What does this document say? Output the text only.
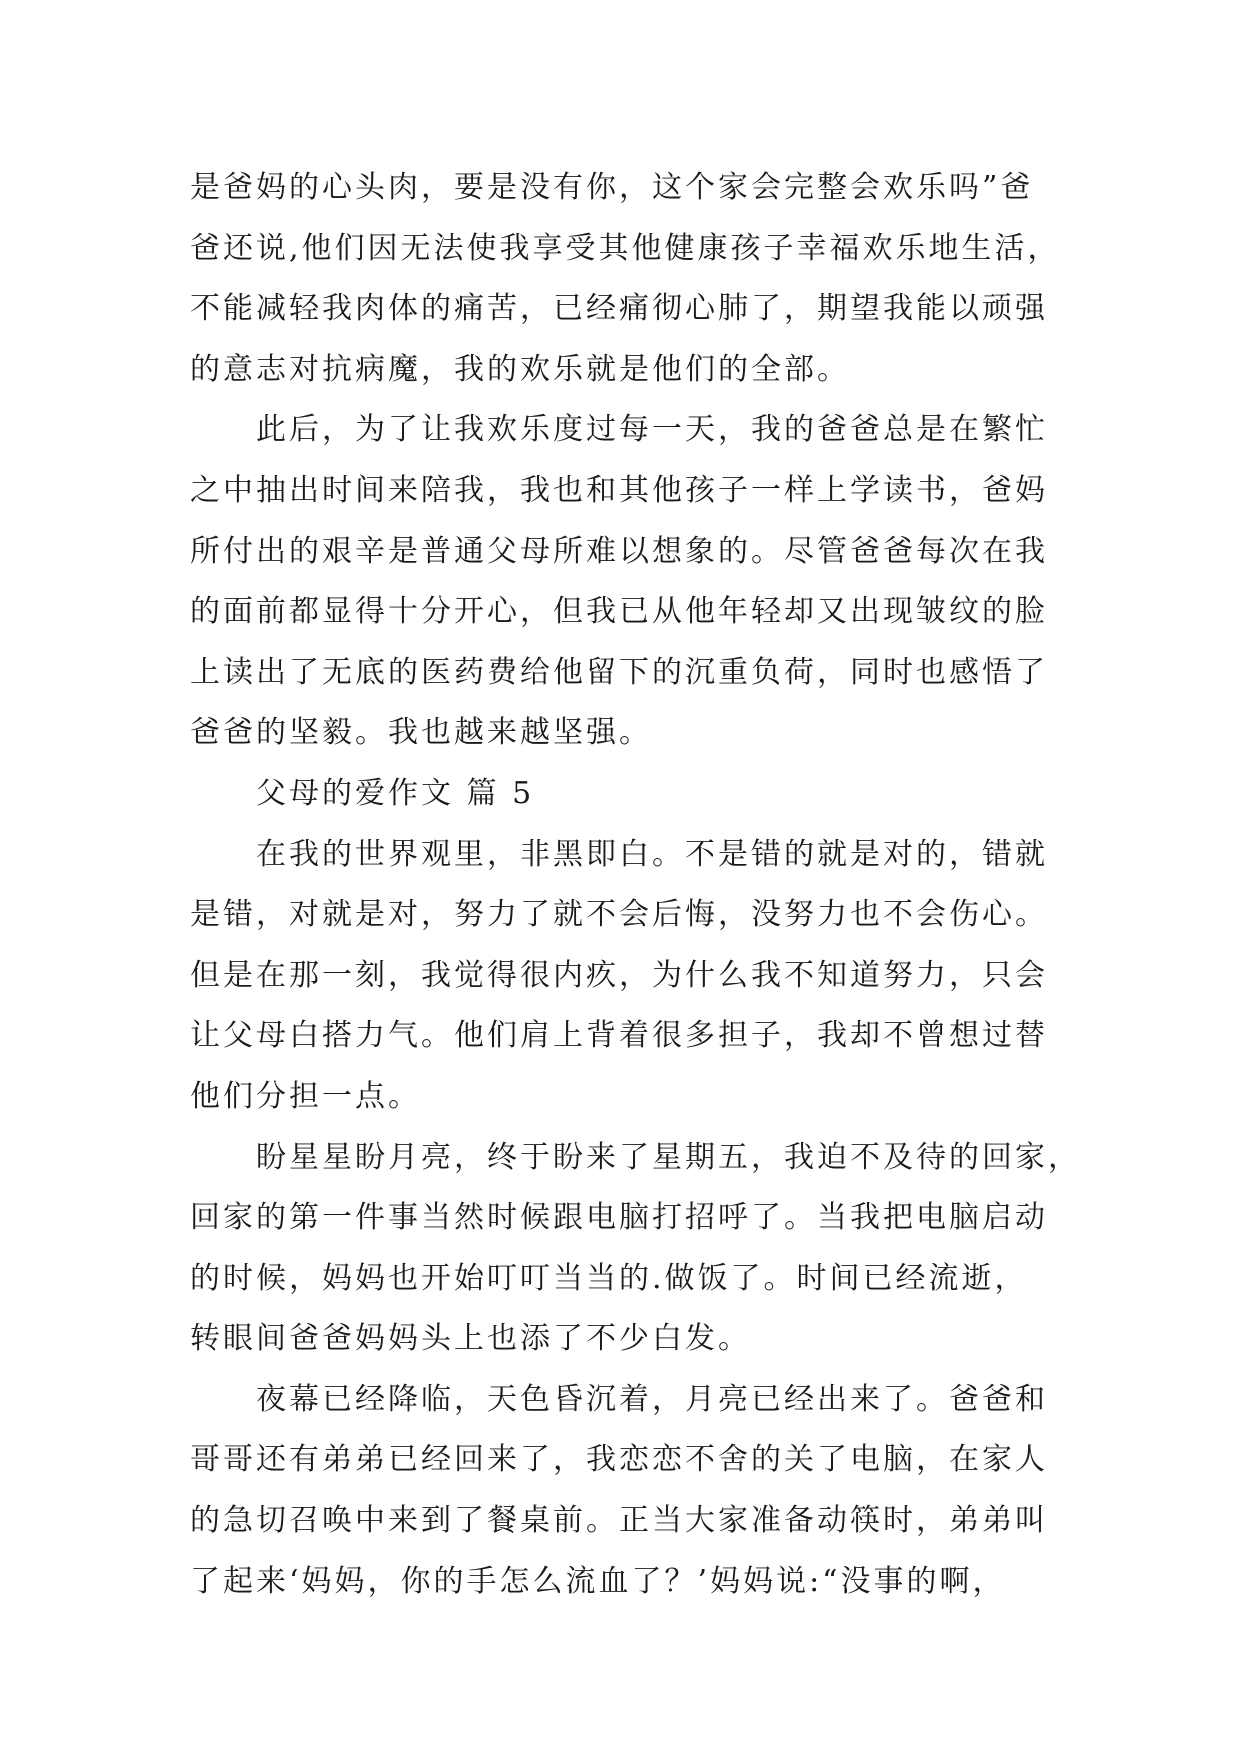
是爸妈的心头肉，要是没有你，这个家会完整会欢乐吗”爸
爸还说,他们因无法使我享受其他健康孩子幸福欢乐地生活，
不能减轻我肉体的痛苦，已经痛彻心肺了，期望我能以顽强
的意志对抗病魔，我的欢乐就是他们的全部。
此后，为了让我欢乐度过每一天，我的爸爸总是在繁忙
之中抽出时间来陪我，我也和其他孩子一样上学读书，爸妈
所付出的艰辛是普通父母所难以想象的。尽管爸爸每次在我
的面前都显得十分开心，但我已从他年轻却又出现皱纹的脸
上读出了无底的医药费给他留下的沉重负荷，同时也感悟了
爸爸的坚毅。我也越来越坚强。
父母的爱作文 篇 5
在我的世界观里，非黑即白。不是错的就是对的，错就
是错，对就是对，努力了就不会后悔，没努力也不会伤心。
但是在那一刻，我觉得很内疚，为什么我不知道努力，只会
让父母白搭力气。他们肩上背着很多担子，我却不曾想过替
他们分担一点。
盼星星盼月亮，终于盼来了星期五，我迫不及待的回家，
回家的第一件事当然时候跟电脑打招呼了。当我把电脑启动
的时候，妈妈也开始叮叮当当的.做饭了。时间已经流逝，
转眼间爸爸妈妈头上也添了不少白发。
夜幕已经降临，天色昏沉着，月亮已经出来了。爸爸和
哥哥还有弟弟已经回来了，我恋恋不舍的关了电脑，在家人
的急切召唤中来到了餐桌前。正当大家准备动筷时，弟弟叫
了起来‘妈妈，你的手怎么流血了？’妈妈说:“没事的啊，
